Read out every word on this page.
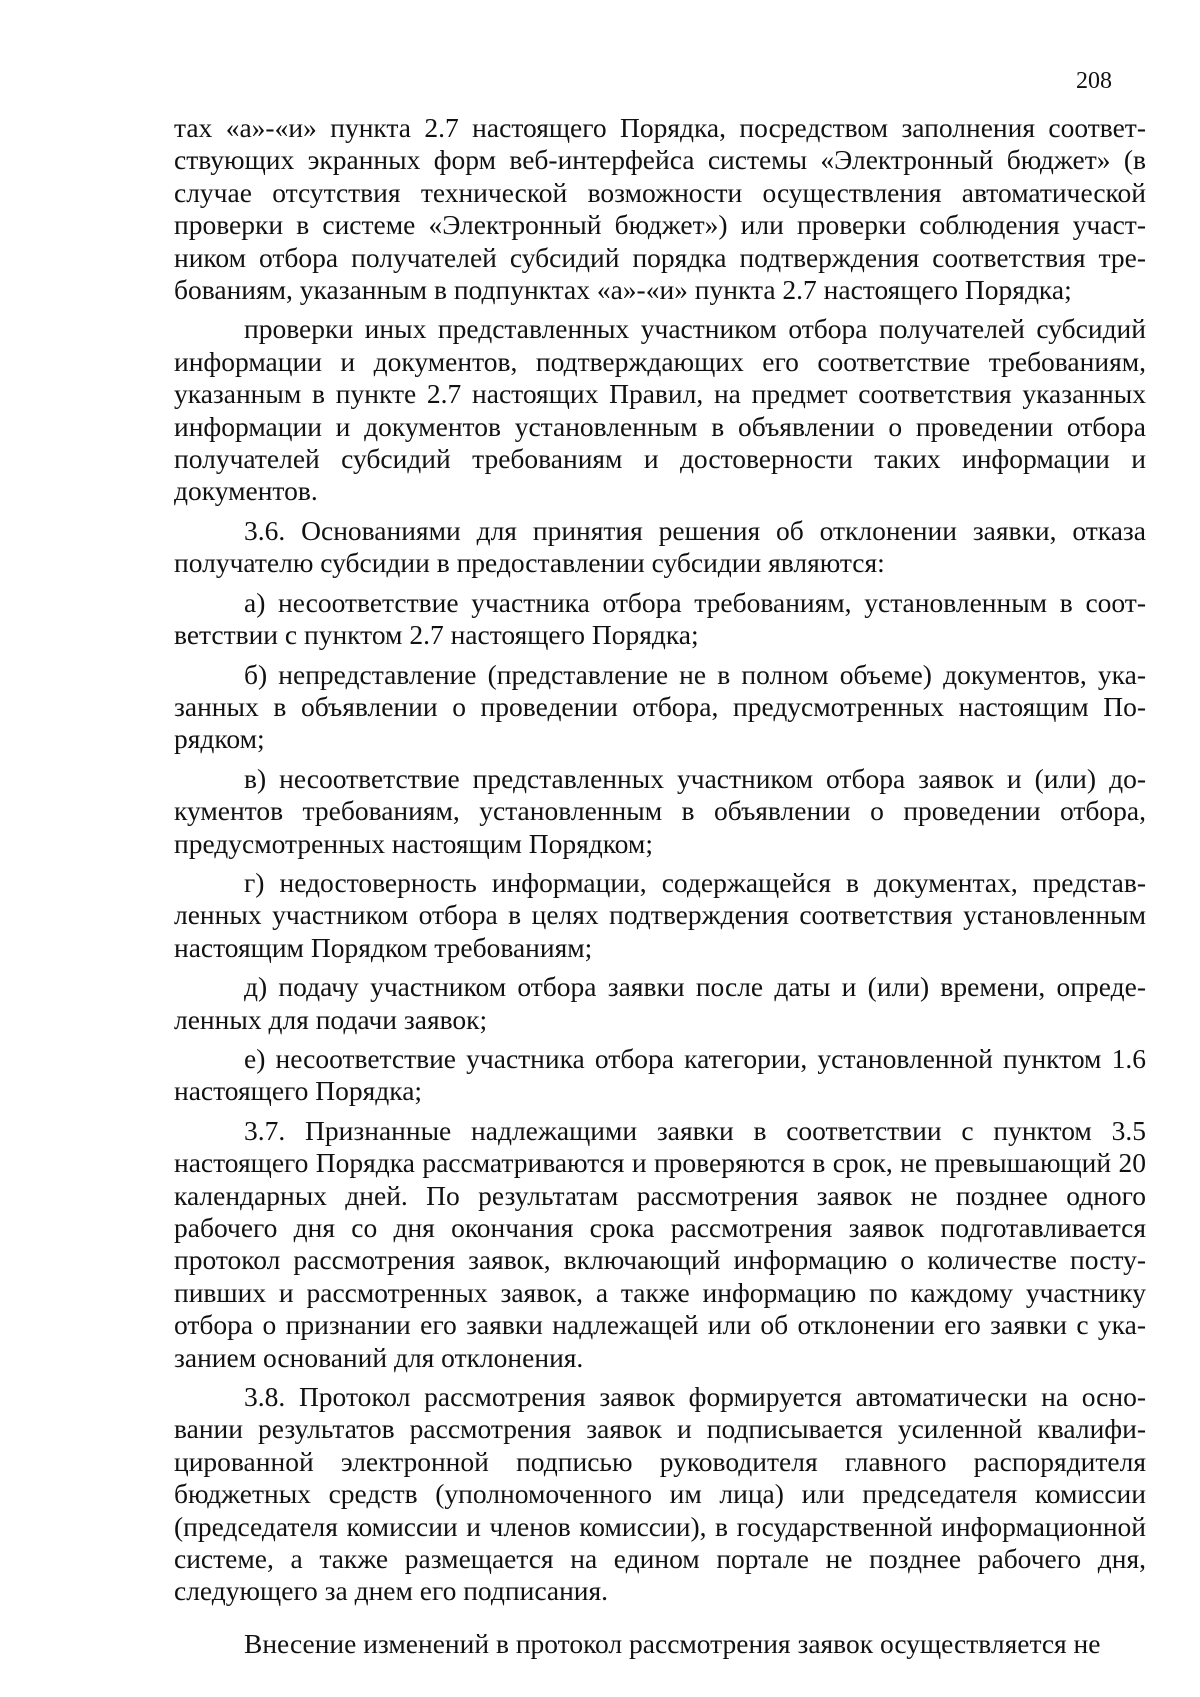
208

тах «а»-«и» пункта 2.7 настоящего Порядка, посредством заполнения соответствующих экранных форм веб-интерфейса системы «Электронный бюджет» (в случае отсутствия технической возможности осуществления автоматической проверки в системе «Электронный бюджет») или проверки соблюдения участником отбора получателей субсидий порядка подтверждения соответствия требованиям, указанным в подпунктах «а»-«и» пункта 2.7 настоящего Порядка;

проверки иных представленных участником отбора получателей субсидий информации и документов, подтверждающих его соответствие требованиям, указанным в пункте 2.7 настоящих Правил, на предмет соответствия указанных информации и документов установленным в объявлении о проведении отбора получателей субсидий требованиям и достоверности таких информации и документов.

3.6. Основаниями для принятия решения об отклонении заявки, отказа получателю субсидии в предоставлении субсидии являются:

а) несоответствие участника отбора требованиям, установленным в соответствии с пунктом 2.7 настоящего Порядка;

б) непредставление (представление не в полном объеме) документов, указанных в объявлении о проведении отбора, предусмотренных настоящим Порядком;

в) несоответствие представленных участником отбора заявок и (или) документов требованиям, установленным в объявлении о проведении отбора, предусмотренных настоящим Порядком;

г) недостоверность информации, содержащейся в документах, представленных участником отбора в целях подтверждения соответствия установленным настоящим Порядком требованиям;

д) подачу участником отбора заявки после даты и (или) времени, определенных для подачи заявок;

е) несоответствие участника отбора категории, установленной пунктом 1.6 настоящего Порядка;

3.7. Признанные надлежащими заявки в соответствии с пунктом 3.5 настоящего Порядка рассматриваются и проверяются в срок, не превышающий 20 календарных дней. По результатам рассмотрения заявок не позднее одного рабочего дня со дня окончания срока рассмотрения заявок подготавливается протокол рассмотрения заявок, включающий информацию о количестве поступивших и рассмотренных заявок, а также информацию по каждому участнику отбора о признании его заявки надлежащей или об отклонении его заявки с указанием оснований для отклонения.

3.8. Протокол рассмотрения заявок формируется автоматически на основании результатов рассмотрения заявок и подписывается усиленной квалифицированной электронной подписью руководителя главного распорядителя бюджетных средств (уполномоченного им лица) или председателя комиссии (председателя комиссии и членов комиссии), в государственной информационной системе, а также размещается на едином портале не позднее рабочего дня, следующего за днем его подписания.

Внесение изменений в протокол рассмотрения заявок осуществляется не
